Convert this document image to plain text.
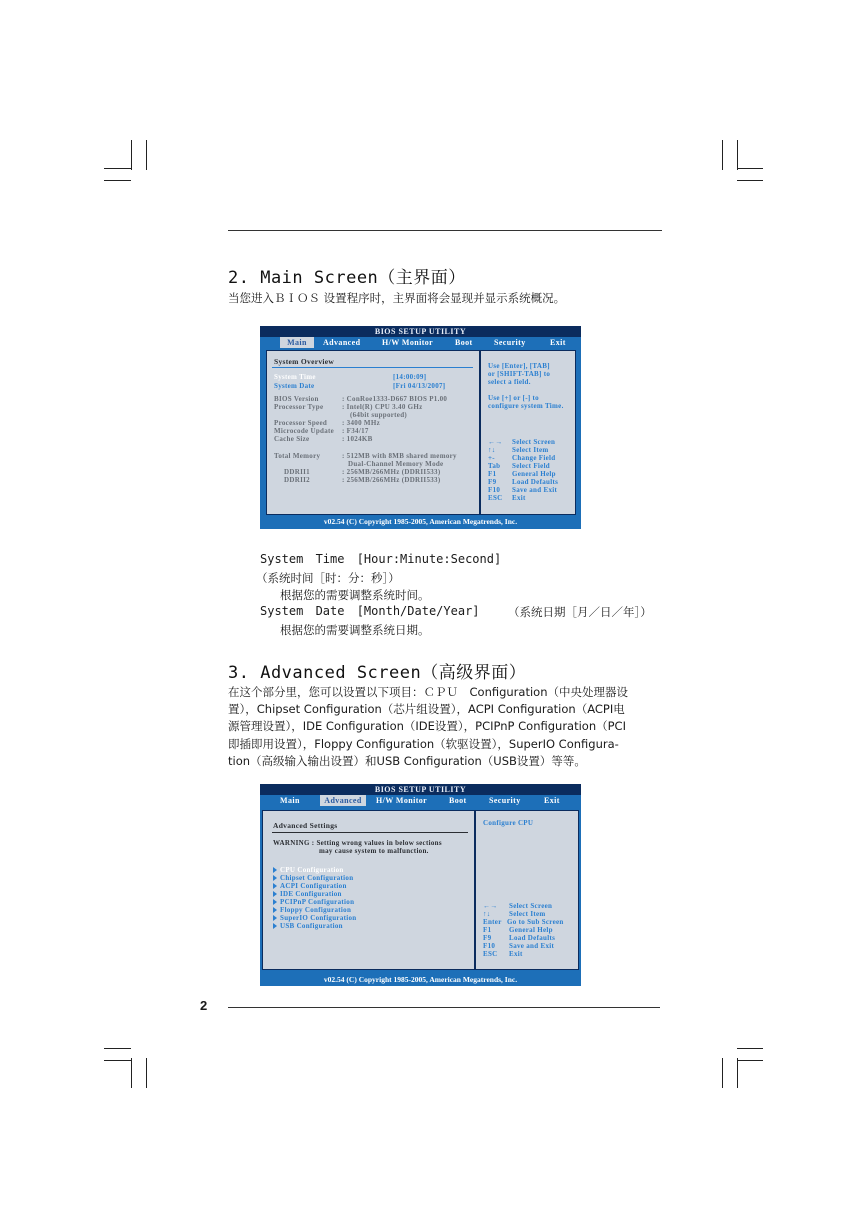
2. Main Screen（主界面）
当您进入ＢＩＯＳ 设置程序时，主界面将会显现并显示系统概况。
BIOS SETUP UTILITY
Main	Advanced	H/W Monitor	Boot	Security	Exit
System Overview
System Time	[14:00:09]
System Date	[Fri 04/13/2007]
BIOS Version	: ConRoe1333-D667 BIOS P1.00
Processor Type	: Intel(R) CPU 3.40 GHz
(64bit supported)
Processor Speed : 3400 MHz
Microcode Update : F34/17
Cache Size	: 1024KB
Total Memory	: 512MB with 8MB shared memory
Dual-Channel Memory Mode
DDRII1	: 256MB/266MHz (DDRII533)
DDRII2	: 256MB/266MHz (DDRII533)
Use [Enter], [TAB]
or [SHIFT-TAB] to
select a field.
Use [+] or [-] to
configure system Time.
←→ Select Screen
↑↓ Select Item
+- Change Field
Tab Select Field
F1 General Help
F9 Load Defaults
F10 Save and Exit
ESC Exit
v02.54 (C) Copyright 1985-2005, American Megatrends, Inc.
System Time [Hour:Minute:Second]
（系统时间［时：分：秒］）
根据您的需要调整系统时间。
System Date [Month/Date/Year] （系统日期［月／日／年］）
根据您的需要调整系统日期。
3. Advanced Screen（高级界面）
在这个部分里，您可以设置以下项目：ＣＰＵ　Configuration（中央处理器设
置），Chipset Configuration（芯片组设置），ACPI Configuration（ACPI电
源管理设置），IDE Configuration（IDE设置），PCIPnP Configuration（PCI
即插即用设置），Floppy Configuration（软驱设置），SuperIO Configura-
tion（高级输入输出设置）和USB Configuration（USB设置）等等。
BIOS SETUP UTILITY
Main	Advanced	H/W Monitor	Boot	Security	Exit
Advanced Settings
WARNING : Setting wrong values in below sections
may cause system to malfunction.
CPU Configuration
Chipset Configuration
ACPI Configuration
IDE Configuration
PCIPnP Configuration
Floppy Configuration
SuperIO Configuration
USB Configuration
Configure CPU
←→ Select Screen
↑↓	Select Item
Enter Go to Sub Screen
F1	General Help
F9	Load Defaults
F10 Save and Exit
ESC Exit
v02.54 (C) Copyright 1985-2005, American Megatrends, Inc.
2
